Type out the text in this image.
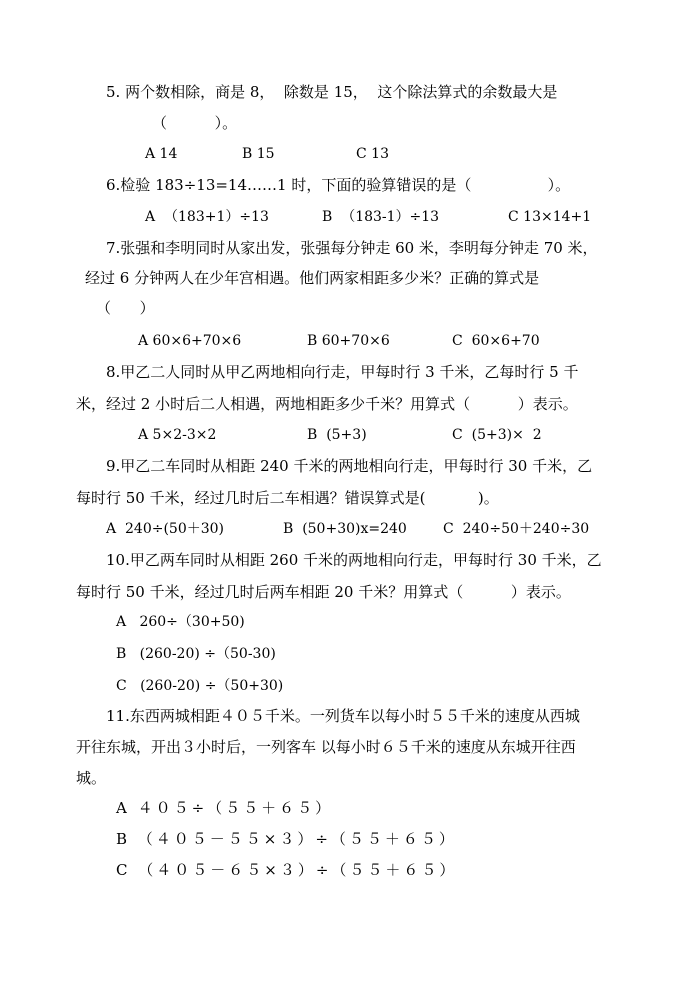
5. 两个数相除，商是 8，  除数是 15，  这个除法算式的余数最大是
（          ）。
A 14	B 15	C 13
6.检验 183÷13=14……1 时，下面的验算错误的是（                ）。
A  （183+1）÷13	B  （183-1）÷13	C 13×14+1
7.张强和李明同时从家出发，张强每分钟走 60 米，李明每分钟走 70 米，
经过 6 分钟两人在少年宫相遇。他们两家相距多少米？正确的算式是
（      ）
A 60×6+70×6	B 60+70×6	C  60×6+70
8.甲乙二人同时从甲乙两地相向行走，甲每时行 3 千米，乙每时行 5 千
米，经过 2 小时后二人相遇，两地相距多少千米？用算式（          ）表示。
A 5×2-3×2	B  (5+3)	C  (5+3)×  2
9.甲乙二车同时从相距 240 千米的两地相向行走，甲每时行 30 千米，乙
每时行 50 千米，经过几时后二车相遇？错误算式是(           )。
A  240÷(50＋30)	B  (50+30)x=240	C  240÷50＋240÷30
10.甲乙两车同时从相距 260 千米的两地相向行走，甲每时行 30 千米，乙
每时行 50 千米，经过几时后两车相距 20 千米？用算式（          ）表示。
A   260÷（30+50)
B   (260-20) ÷（50-30)
C   (260-20) ÷（50+30)
11.东西两城相距４０５千米。一列货车以每小时５５千米的速度从西城
开往东城，开出３小时后，一列客车 以每小时６５千米的速度从东城开往西
城。
A ４０５÷（５５＋６５）
B （４０５－５５×３）÷（５５＋６５）
C （４０５－６５×３）÷（５５＋６５）
